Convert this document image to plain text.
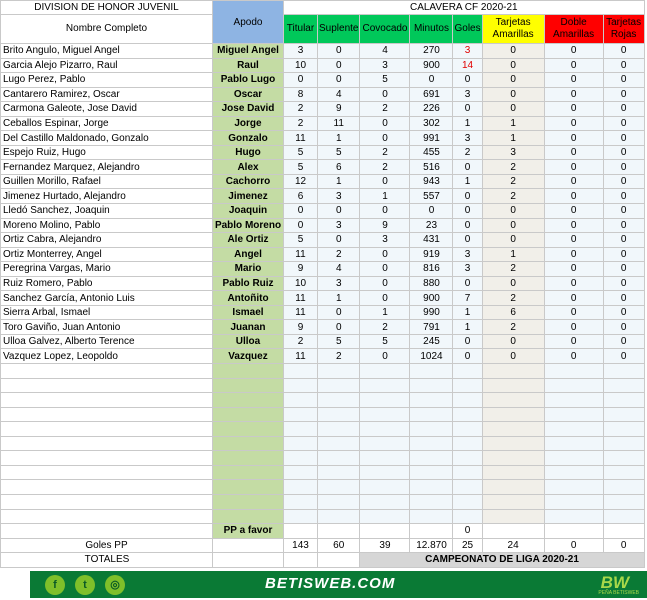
DIVISION DE HONOR JUVENIL	Apodo	CALAVERA CF 2020-21							
Nombre Completo		Titular	Suplente	Covocado	Minutos	Goles	Tarjetas Amarillas	Doble Amarillas	Tarjetas Rojas
Brito Angulo, Miguel Angel	Miguel Angel	3	0	4	270	3	0	0	0
Garcia Alejo Pizarro, Raul	Raul	10	0	3	900	14	0	0	0
Lugo Perez, Pablo	Pablo Lugo	0	0	5	0	0	0	0	0
Cantarero Ramirez, Oscar	Oscar	8	4	0	691	3	0	0	0
Carmona Galeote, Jose David	Jose David	2	9	2	226	0	0	0	0
Ceballos Espinar, Jorge	Jorge	2	11	0	302	1	1	0	0
Del Castillo Maldonado, Gonzalo	Gonzalo	11	1	0	991	3	1	0	0
Espejo Ruiz, Hugo	Hugo	5	5	2	455	2	3	0	0
Fernandez Marquez, Alejandro	Alex	5	6	2	516	0	2	0	0
Guillen Morillo, Rafael	Cachorro	12	1	0	943	1	2	0	0
Jimenez Hurtado, Alejandro	Jimenez	6	3	1	557	0	2	0	0
Lledó Sanchez, Joaquin	Joaquin	0	0	0	0	0	0	0	0
Moreno Molino, Pablo	Pablo Moreno	0	3	9	23	0	0	0	0
Ortiz Cabra, Alejandro	Ale Ortiz	5	0	3	431	0	0	0	0
Ortiz Monterrey, Angel	Angel	11	2	0	919	3	1	0	0
Peregrina Vargas, Mario	Mario	9	4	0	816	3	2	0	0
Ruiz Romero, Pablo	Pablo Ruiz	10	3	0	880	0	0	0	0
Sanchez García, Antonio Luis	Antoñito	11	1	0	900	7	2	0	0
Sierra Arbal, Ismael	Ismael	11	0	1	990	1	6	0	0
Toro Gaviño, Juan Antonio	Juanan	9	0	2	791	1	2	0	0
Ulloa Galvez, Alberto Terence	Ulloa	2	5	5	245	0	0	0	0
Vazquez Lopez, Leopoldo	Vazquez	11	2	0	1024	0	0	0	0

	PP a favor					0			
Goles PP		143	60	39	12.870	25	24	0	0
TOTALES				CAMPEONATO DE LIGA 2020-21					
f	t	◎	BETISWEB.COM	BW
PEÑA BETISWEB
